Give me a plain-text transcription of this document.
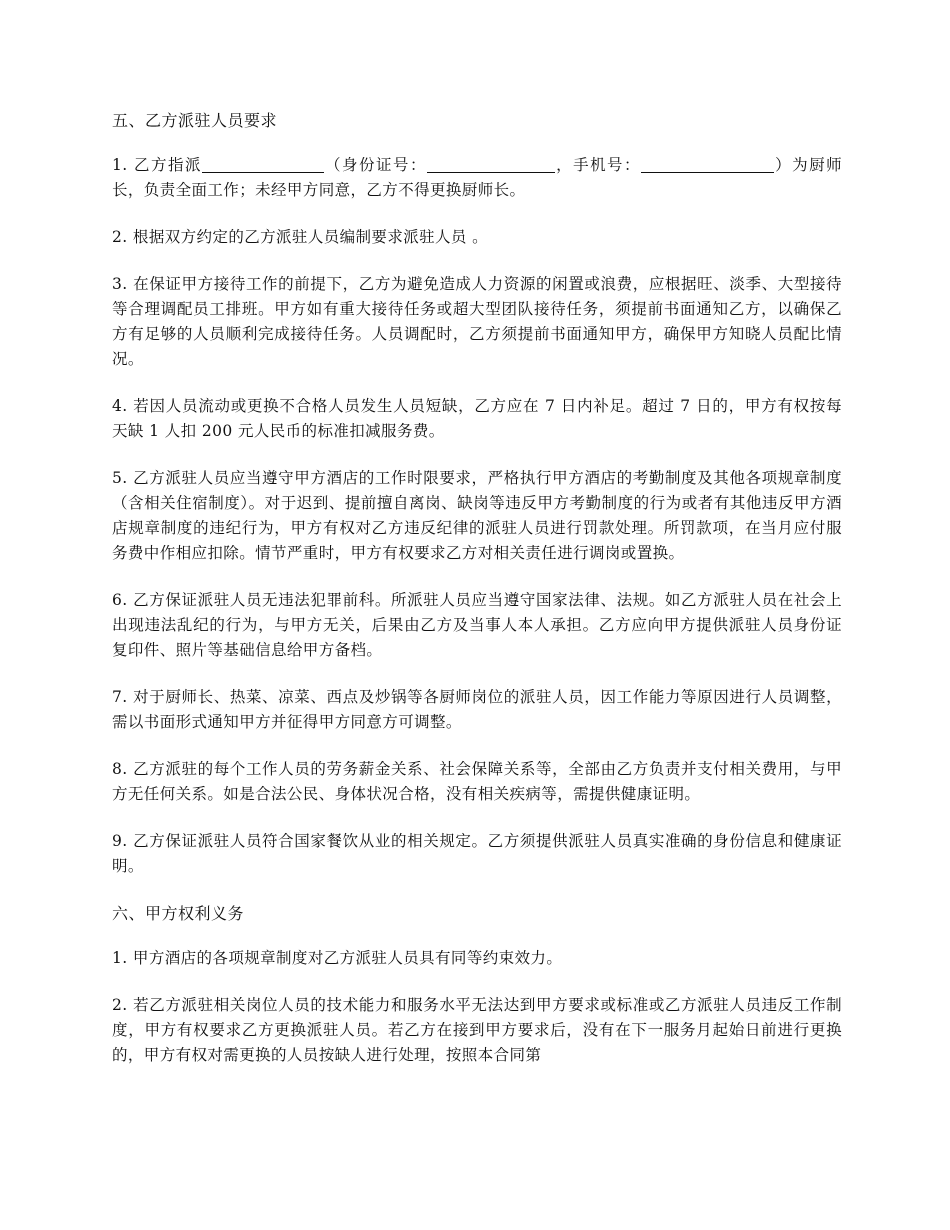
五、乙方派驻人员要求

1. 乙方指派	（身份证号：	，手机号：	）为厨师长，负责全面工作；未经甲方同意，乙方不得更换厨师长。

2. 根据双方约定的乙方派驻人员编制要求派驻人员 。

3. 在保证甲方接待工作的前提下，乙方为避免造成人力资源的闲置或浪费，应根据旺、淡季、大型接待等合理调配员工排班。甲方如有重大接待任务或超大型团队接待任务，须提前书面通知乙方，以确保乙方有足够的人员顺利完成接待任务。人员调配时，乙方须提前书面通知甲方，确保甲方知晓人员配比情况。

4. 若因人员流动或更换不合格人员发生人员短缺，乙方应在 7 日内补足。超过 7 日的，甲方有权按每天缺 1 人扣 200 元人民币的标准扣减服务费。

5. 乙方派驻人员应当遵守甲方酒店的工作时限要求，严格执行甲方酒店的考勤制度及其他各项规章制度（含相关住宿制度）。对于迟到、提前擅自离岗、缺岗等违反甲方考勤制度的行为或者有其他违反甲方酒店规章制度的违纪行为，甲方有权对乙方违反纪律的派驻人员进行罚款处理。所罚款项，在当月应付服务费中作相应扣除。情节严重时，甲方有权要求乙方对相关责任进行调岗或置换。

6. 乙方保证派驻人员无违法犯罪前科。所派驻人员应当遵守国家法律、法规。如乙方派驻人员在社会上出现违法乱纪的行为，与甲方无关，后果由乙方及当事人本人承担。乙方应向甲方提供派驻人员身份证复印件、照片等基础信息给甲方备档。

7. 对于厨师长、热菜、凉菜、西点及炒锅等各厨师岗位的派驻人员，因工作能力等原因进行人员调整，需以书面形式通知甲方并征得甲方同意方可调整。

8. 乙方派驻的每个工作人员的劳务薪金关系、社会保障关系等，全部由乙方负责并支付相关费用，与甲方无任何关系。如是合法公民、身体状况合格，没有相关疾病等，需提供健康证明。

9. 乙方保证派驻人员符合国家餐饮从业的相关规定。乙方须提供派驻人员真实准确的身份信息和健康证明。

六、甲方权利义务

1. 甲方酒店的各项规章制度对乙方派驻人员具有同等约束效力。

2. 若乙方派驻相关岗位人员的技术能力和服务水平无法达到甲方要求或标准或乙方派驻人员违反工作制度，甲方有权要求乙方更换派驻人员。若乙方在接到甲方要求后，没有在下一服务月起始日前进行更换的，甲方有权对需更换的人员按缺人进行处理，按照本合同第
